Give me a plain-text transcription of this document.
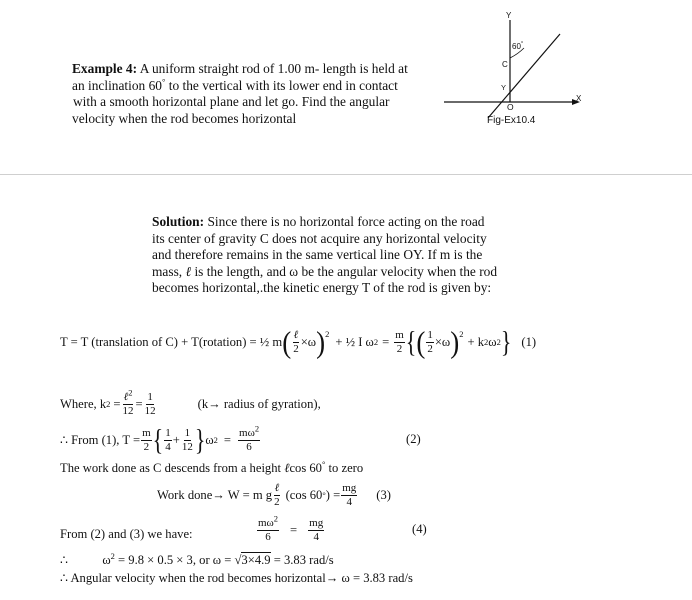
Example 4: A uniform straight rod of 1.00 m- length is held at
an inclination 60° to the vertical with its lower end in contact
with a smooth horizontal plane and let go. Find the angular
velocity when the rod becomes horizontal
Y
60°
C
Y
X
O
Fig-Ex10.4
Solution: Since there is no horizontal force acting on the road
its center of gravity C does not acquire any horizontal velocity
and therefore remains in the same vertical line OY. If m is the
mass, ℓ is the length, and ω be the angular velocity when the rod
becomes horizontal,.the kinetic energy T of the rod is given by:
T = T (translation of C) + T(rotation) = ½ m ( $\frac{\text{ℓ}}{2} \times\omega$ ) 2
+ ½ I ω $2 = \frac{m}{2}$ { ( $\frac{1}{2} \times\omega$ ) 2
+ k 2 ω 2 } (1)
Where, k $2 = \frac{\ell^2}{12} = \frac{1}{12}$	(k→ radius of gyration),
∴ From (1), $T = \frac{m}{2}$ { $\frac{1}{4} + \frac{1}{12}$ } ω $2 = \frac{m\omega^2}{6}$	(2)
The work done as C descends from a height ℓcos 60° to zero
Work done→ W = m g $\frac{\text{ℓ}}{2} (\cos$ 60 ° ) = $\frac{mg}{4} (3)$
From (2) and (3) we have:	$\frac{m\omega^2}{6} = \frac{mg}{4}$	(4)
∴	$\omega^2 = 9.8 \times 0.5 \times 3$, or ω = √3×4.9 = 3.83 rad/s
∴ Angular velocity when the rod becomes horizontal→ ω = 3.83 rad/s
